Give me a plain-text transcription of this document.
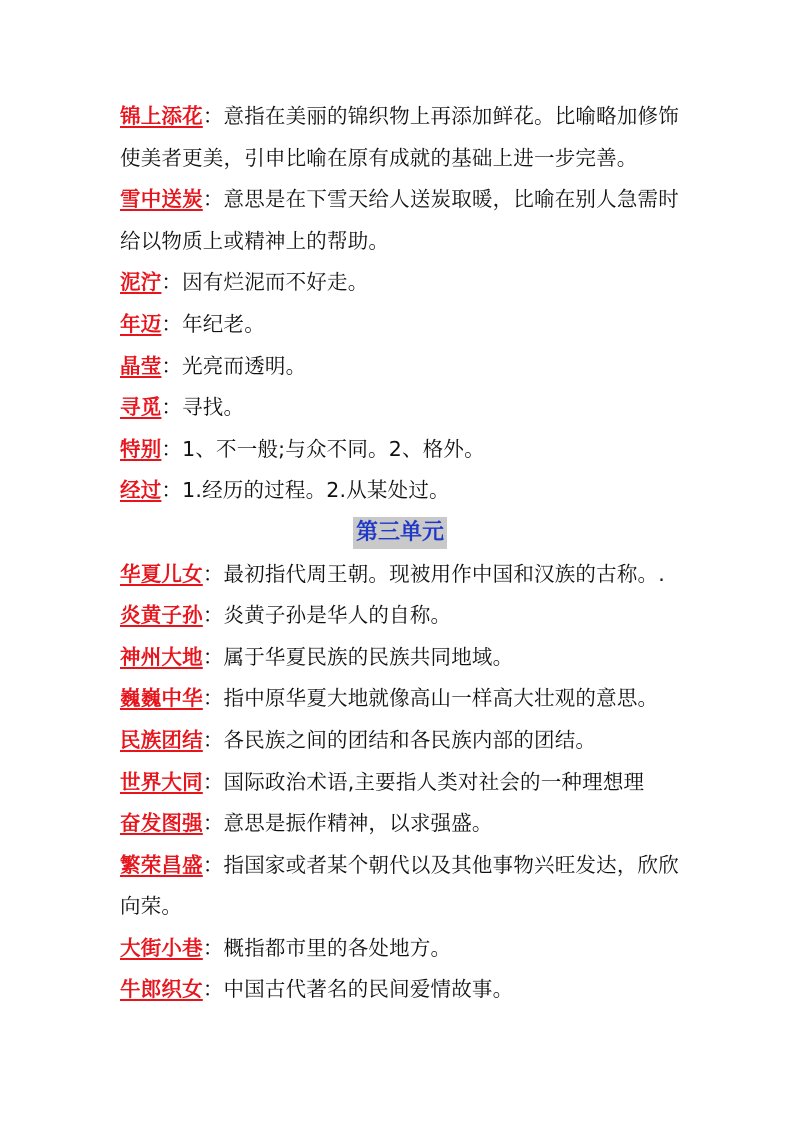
锦上添花：意指在美丽的锦织物上再添加鲜花。比喻略加修饰使美者更美，引申比喻在原有成就的基础上进一步完善。

雪中送炭：意思是在下雪天给人送炭取暖，比喻在别人急需时给以物质上或精神上的帮助。

泥泞：因有烂泥而不好走。

年迈：年纪老。

晶莹：光亮而透明。

寻觅：寻找。

特别：1、不一般;与众不同。2、格外。

经过：1.经历的过程。2.从某处过。

第三单元

华夏儿女：最初指代周王朝。现被用作中国和汉族的古称。.

炎黄子孙：炎黄子孙是华人的自称。

神州大地：属于华夏民族的民族共同地域。

巍巍中华：指中原华夏大地就像高山一样高大壮观的意思。

民族团结：各民族之间的团结和各民族内部的团结。

世界大同：国际政治术语,主要指人类对社会的一种理想理

奋发图强：意思是振作精神，以求强盛。

繁荣昌盛：指国家或者某个朝代以及其他事物兴旺发达，欣欣向荣。

大街小巷：概指都市里的各处地方。

牛郎织女：中国古代著名的民间爱情故事。
